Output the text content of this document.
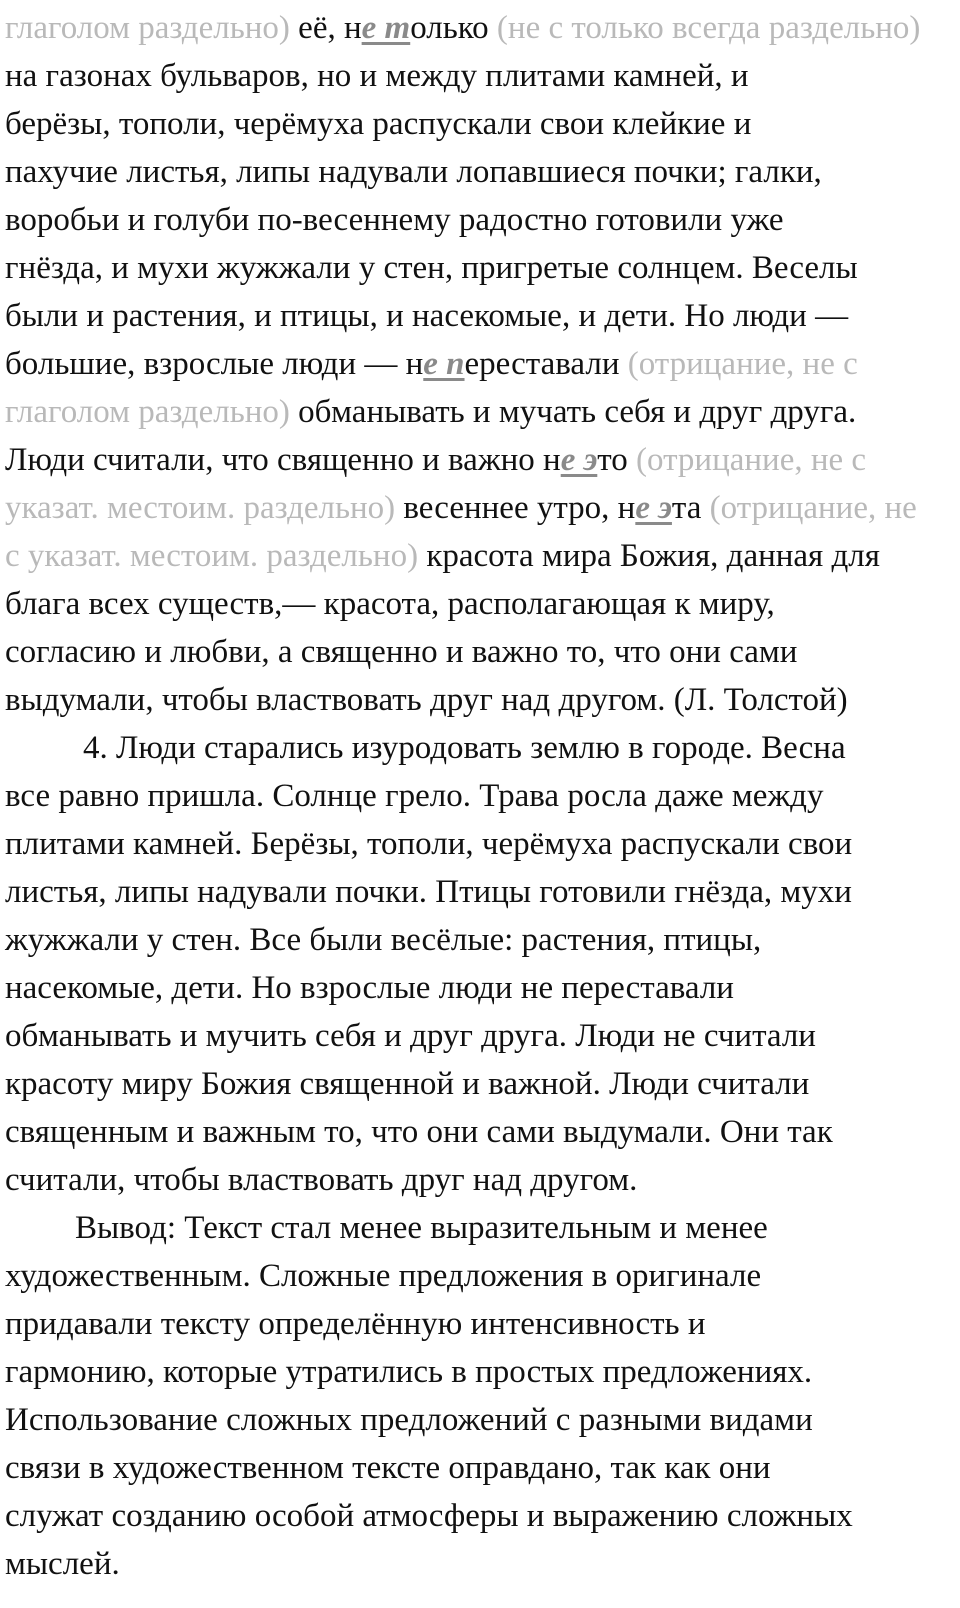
глаголом раздельно) её, не только (не с только всегда раздельно)
на газонах бульваров, но и между плитами камней, и
берёзы, тополи, черёмуха распускали свои клейкие и
пахучие листья, липы надували лопавшиеся почки; галки,
воробьи и голуби по-весеннему радостно готовили уже
гнёзда, и мухи жужжали у стен, пригретые солнцем. Веселы
были и растения, и птицы, и насекомые, и дети. Но люди —
большие, взрослые люди — не переставали (отрицание, не с
глаголом раздельно) обманывать и мучать себя и друг друга.
Люди считали, что священно и важно не это (отрицание, не с
указат. местоим. раздельно) весеннее утро, не эта (отрицание, не
с указат. местоим. раздельно) красота мира Божия, данная для
блага всех существ,— красота, располагающая к миру,
согласию и любви, а священно и важно то, что они сами
выдумали, чтобы властвовать друг над другом. (Л. Толстой)
4. Люди старались изуродовать землю в городе. Весна
все равно пришла. Солнце грело. Трава росла даже между
плитами камней. Берёзы, тополи, черёмуха распускали свои
листья, липы надували почки. Птицы готовили гнёзда, мухи
жужжали у стен. Все были весёлые: растения, птицы,
насекомые, дети. Но взрослые люди не переставали
обманывать и мучить себя и друг друга. Люди не считали
красоту миру Божия священной и важной. Люди считали
священным и важным то, что они сами выдумали. Они так
считали, чтобы властвовать друг над другом.
Вывод: Текст стал менее выразительным и менее
художественным. Сложные предложения в оригинале
придавали тексту определённую интенсивность и
гармонию, которые утратились в простых предложениях.
Использование сложных предложений с разными видами
связи в художественном тексте оправдано, так как они
служат созданию особой атмосферы и выражению сложных
мыслей.
